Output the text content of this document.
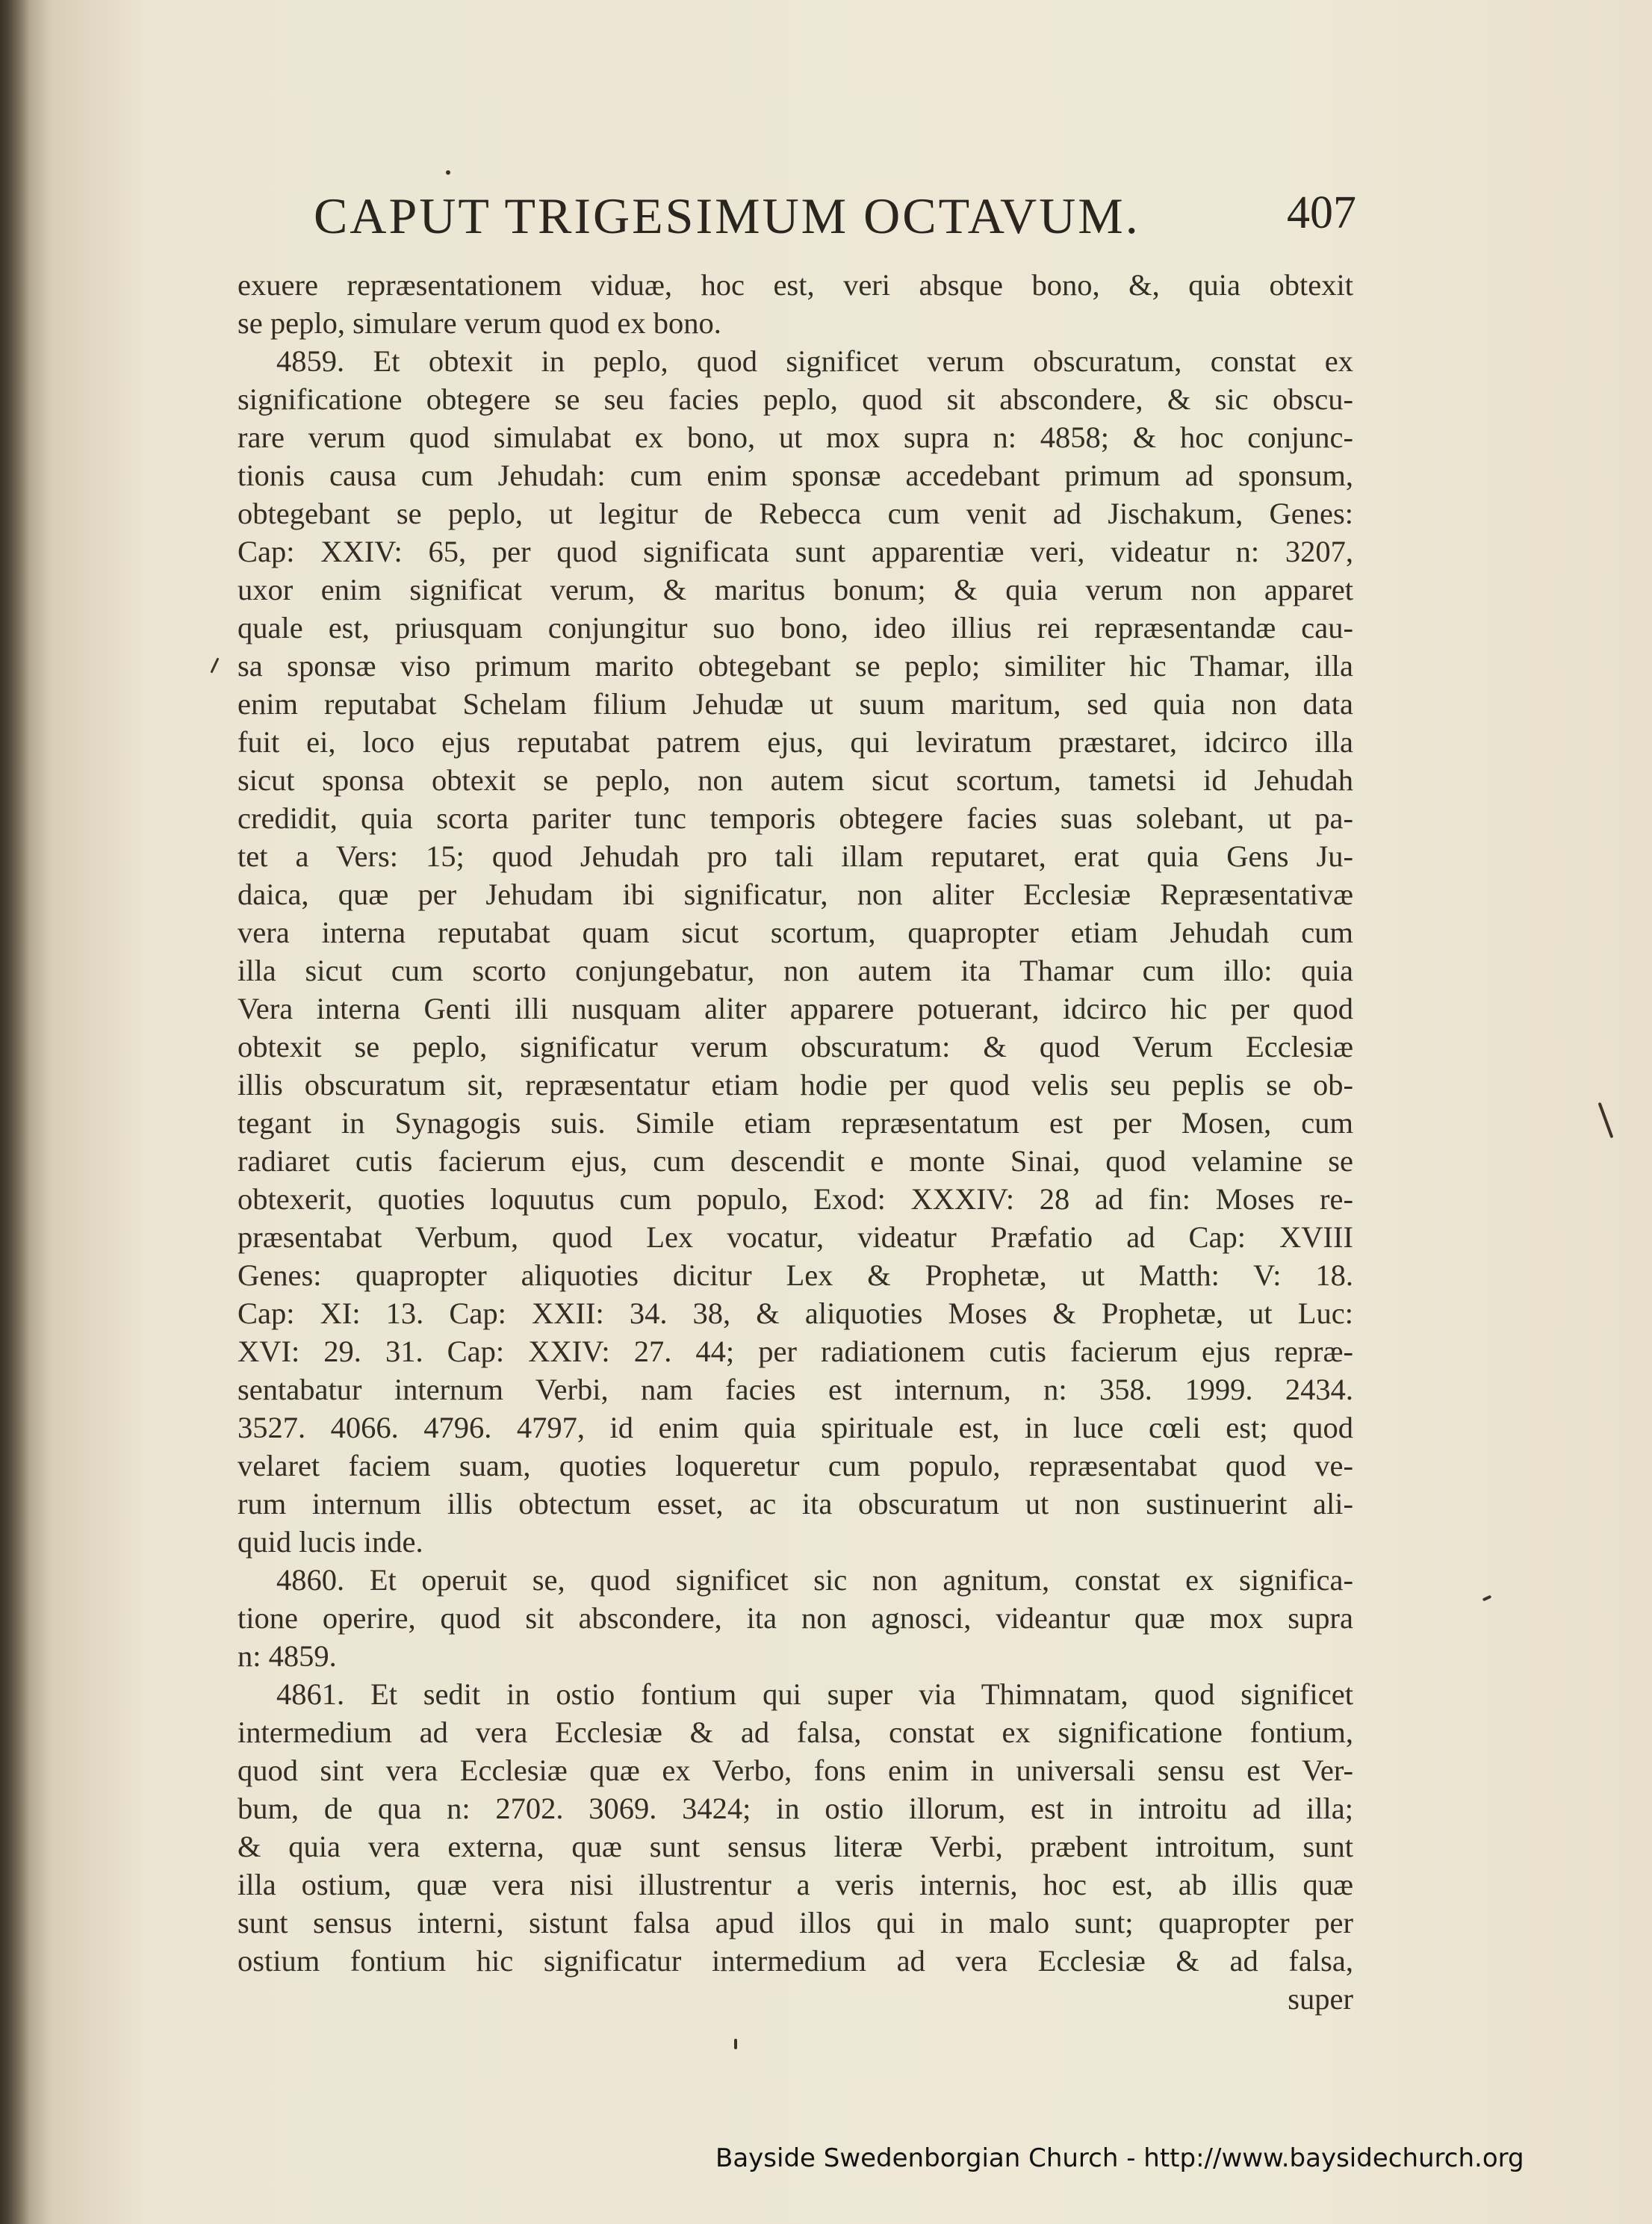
CAPUT TRIGESIMUM OCTAVUM.	407
exuere repræsentationem viduæ, hoc est, veri absque bono, &, quia obtexit
se peplo, simulare verum quod ex bono.
4859. Et obtexit in peplo, quod significet verum obscuratum, constat ex
significatione obtegere se seu facies peplo, quod sit abscondere, & sic obscu-
rare verum quod simulabat ex bono, ut mox supra n: 4858; & hoc conjunc-
tionis causa cum Jehudah: cum enim sponsæ accedebant primum ad sponsum,
obtegebant se peplo, ut legitur de Rebecca cum venit ad Jischakum, Genes:
Cap: XXIV: 65, per quod significata sunt apparentiæ veri, videatur n: 3207,
uxor enim significat verum, & maritus bonum; & quia verum non apparet
quale est, priusquam conjungitur suo bono, ideo illius rei repræsentandæ cau-
sa sponsæ viso primum marito obtegebant se peplo; similiter hic Thamar, illa
enim reputabat Schelam filium Jehudæ ut suum maritum, sed quia non data
fuit ei, loco ejus reputabat patrem ejus, qui leviratum præstaret, idcirco illa
sicut sponsa obtexit se peplo, non autem sicut scortum, tametsi id Jehudah
credidit, quia scorta pariter tunc temporis obtegere facies suas solebant, ut pa-
tet a Vers: 15; quod Jehudah pro tali illam reputaret, erat quia Gens Ju-
daica, quæ per Jehudam ibi significatur, non aliter Ecclesiæ Repræsentativæ
vera interna reputabat quam sicut scortum, quapropter etiam Jehudah cum
illa sicut cum scorto conjungebatur, non autem ita Thamar cum illo: quia
Vera interna Genti illi nusquam aliter apparere potuerant, idcirco hic per quod
obtexit se peplo, significatur verum obscuratum: & quod Verum Ecclesiæ
illis obscuratum sit, repræsentatur etiam hodie per quod velis seu peplis se ob-
tegant in Synagogis suis. Simile etiam repræsentatum est per Mosen, cum
radiaret cutis facierum ejus, cum descendit e monte Sinai, quod velamine se
obtexerit, quoties loquutus cum populo, Exod: XXXIV: 28 ad fin: Moses re-
præsentabat Verbum, quod Lex vocatur, videatur Præfatio ad Cap: XVIII
Genes: quapropter aliquoties dicitur Lex & Prophetæ, ut Matth: V: 18.
Cap: XI: 13. Cap: XXII: 34. 38, & aliquoties Moses & Prophetæ, ut Luc:
XVI: 29. 31. Cap: XXIV: 27. 44; per radiationem cutis facierum ejus repræ-
sentabatur internum Verbi, nam facies est internum, n: 358. 1999. 2434.
3527. 4066. 4796. 4797, id enim quia spirituale est, in luce cœli est; quod
velaret faciem suam, quoties loqueretur cum populo, repræsentabat quod ve-
rum internum illis obtectum esset, ac ita obscuratum ut non sustinuerint ali-
quid lucis inde.
4860. Et operuit se, quod significet sic non agnitum, constat ex significa-
tione operire, quod sit abscondere, ita non agnosci, videantur quæ mox supra
n: 4859.
4861. Et sedit in ostio fontium qui super via Thimnatam, quod significet
intermedium ad vera Ecclesiæ & ad falsa, constat ex significatione fontium,
quod sint vera Ecclesiæ quæ ex Verbo, fons enim in universali sensu est Ver-
bum, de qua n: 2702. 3069. 3424; in ostio illorum, est in introitu ad illa;
& quia vera externa, quæ sunt sensus literæ Verbi, præbent introitum, sunt
illa ostium, quæ vera nisi illustrentur a veris internis, hoc est, ab illis quæ
sunt sensus interni, sistunt falsa apud illos qui in malo sunt; quapropter per
ostium fontium hic significatur intermedium ad vera Ecclesiæ & ad falsa,
super
Bayside Swedenborgian Church - http://www.baysidechurch.org
